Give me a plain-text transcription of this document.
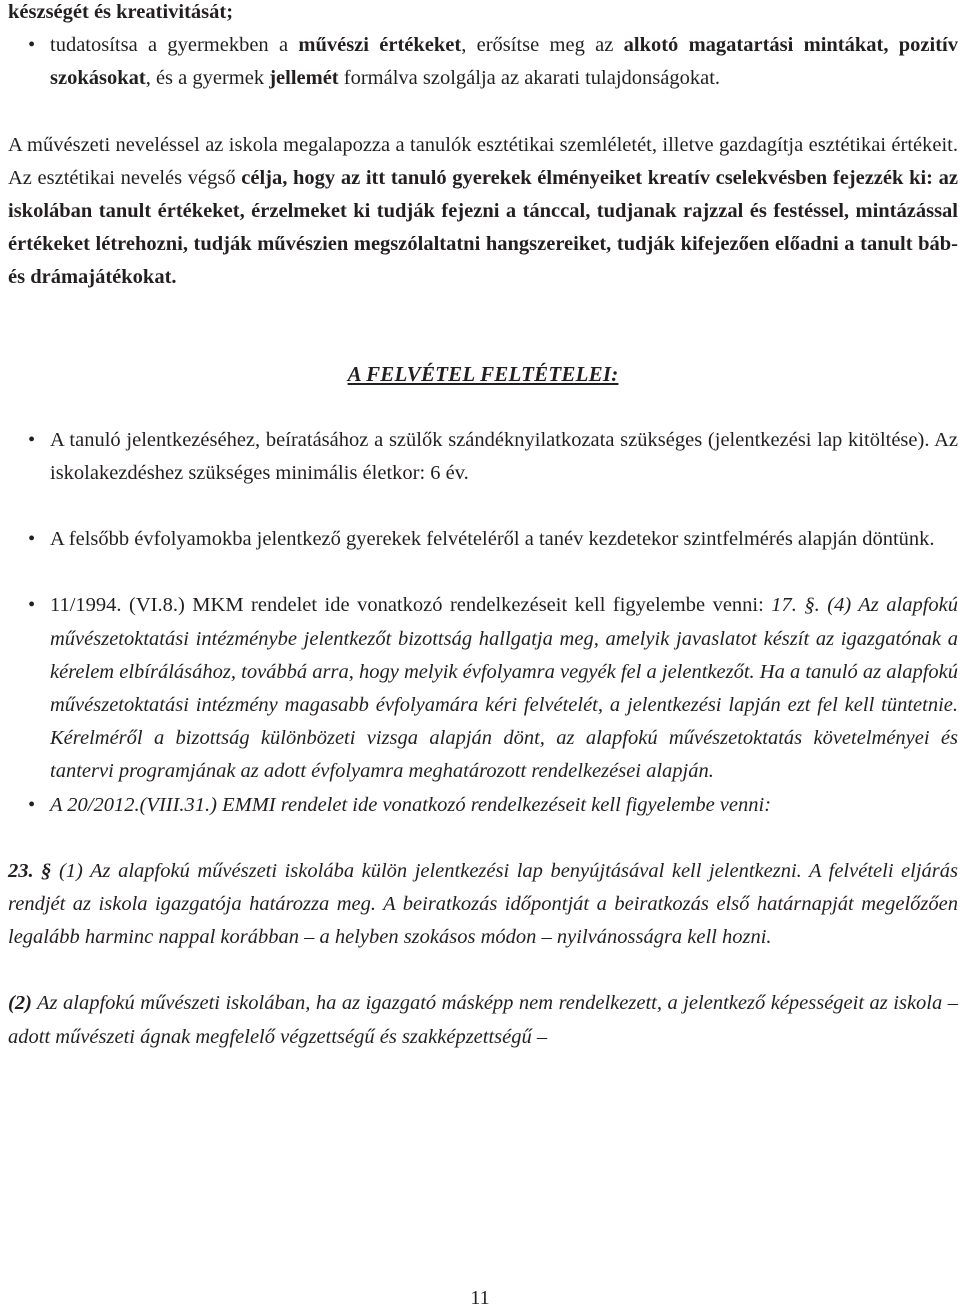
készségét és kreativitását;

• tudatosítsa a gyermekben a művészi értékeket, erősítse meg az alkotó magatartási mintákat, pozitív szokásokat, és a gyermek jellemét formálva szolgálja az akarati tulajdonságokat.

A művészeti neveléssel az iskola megalapozza a tanulók esztétikai szemléletét, illetve gazdagítja esztétikai értékeit. Az esztétikai nevelés végső célja, hogy az itt tanuló gyerekek élményeiket kreatív cselekvésben fejezzék ki: az iskolában tanult értékeket, érzelmeket ki tudják fejezni a tánccal, tudjanak rajzzal és festéssel, mintázással értékeket létrehozni, tudják művészien megszólaltatni hangszereiket, tudják kifejezően előadni a tanult báb- és drámajátékokat.

A FELVÉTEL FELTÉTELEI:

• A tanuló jelentkezéséhez, beíratásához a szülők szándéknyilatkozata szükséges (jelentkezési lap kitöltése). Az iskolakezdéshez szükséges minimális életkor: 6 év.

• A felsőbb évfolyamokba jelentkező gyerekek felvételéről a tanév kezdetekor szintfelmérés alapján döntünk.

• 11/1994. (VI.8.) MKM rendelet ide vonatkozó rendelkezéseit kell figyelembe venni: 17. §. (4) Az alapfokú művészetoktatási intézménybe jelentkezőt bizottság hallgatja meg, amelyik javaslatot készít az igazgatónak a kérelem elbírálásához, továbbá arra, hogy melyik évfolyamra vegyék fel a jelentkezőt. Ha a tanuló az alapfokú művészetoktatási intézmény magasabb évfolyamára kéri felvételét, a jelentkezési lapján ezt fel kell tüntetnie. Kérelméről a bizottság különbözeti vizsga alapján dönt, az alapfokú művészetoktatás követelményei és tantervi programjának az adott évfolyamra meghatározott rendelkezései alapján.

• A 20/2012.(VIII.31.) EMMI rendelet ide vonatkozó rendelkezéseit kell figyelembe venni:

23. § (1) Az alapfokú művészeti iskolába külön jelentkezési lap benyújtásával kell jelentkezni. A felvételi eljárás rendjét az iskola igazgatója határozza meg. A beiratkozás időpontját a beiratkozás első határnapját megelőzően legalább harminc nappal korábban – a helyben szokásos módon – nyilvánosságra kell hozni.

(2) Az alapfokú művészeti iskolában, ha az igazgató másképp nem rendelkezett, a jelentkező képességeit az iskola – adott művészeti ágnak megfelelő végzettségű és szakképzettségű –

11
